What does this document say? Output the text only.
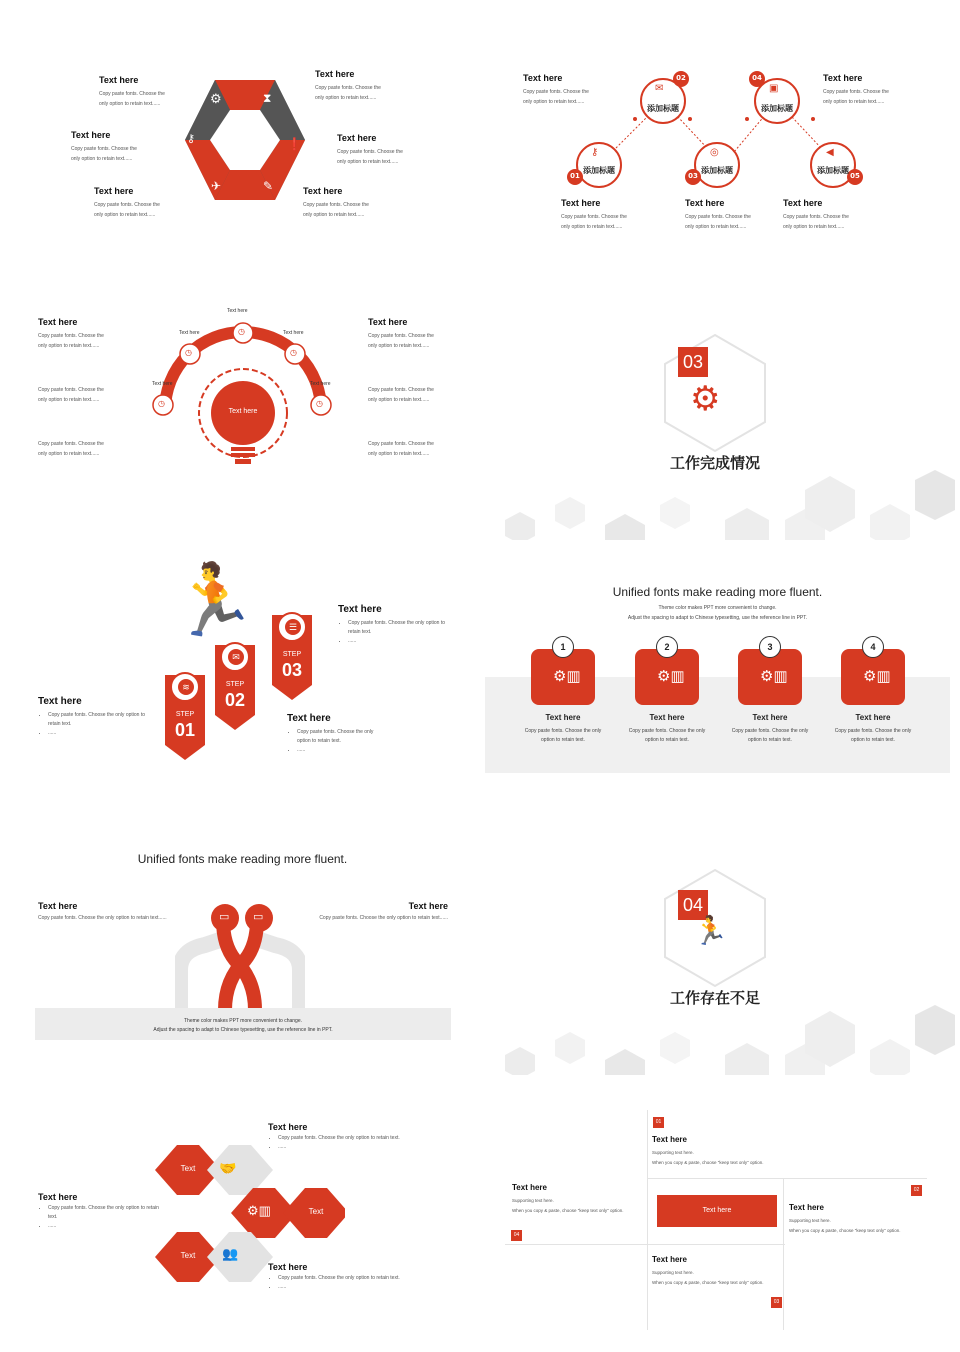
⚙	⧗
⚷	❗
✈	✎
Text here
Copy paste fonts. Choose the
only option to retain text......
Text here
Copy paste fonts. Choose the
only option to retain text......
Text here
Copy paste fonts. Choose the
only option to retain text......
Text here
Copy paste fonts. Choose the
only option to retain text......
Text here
Copy paste fonts. Choose the
only option to retain text......
Text here
Copy paste fonts. Choose the
only option to retain text......
01
02
03
04
05
⚷
✉
◎
▣
◀
添加标题
添加标题
添加标题
添加标题
添加标题
Text here
Copy paste fonts. Choose the
only option to retain text......
Text here
Copy paste fonts. Choose the
only option to retain text......
Text here
Copy paste fonts. Choose the
only option to retain text......
Text here
Copy paste fonts. Choose the
only option to retain text......
Text here
Copy paste fonts. Choose the
only option to retain text......
◷
◷	◷
◷	◷
Text here
Text here	Text here
Text here	Text here
Text here
Text here
Copy paste fonts. Choose the
only option to retain text......
Copy paste fonts. Choose the
only option to retain text......
Copy paste fonts. Choose the
only option to retain text......
Text here
Copy paste fonts. Choose the
only option to retain text......
Copy paste fonts. Choose the
only option to retain text......
Copy paste fonts. Choose the
only option to retain text......
03
⚙
工作完成情况
🏃
≋
✉
☰
STEP
01
STEP
02
STEP
03
Text here
• Copy paste fonts. Choose the only option to retain text.
• ......
Text here
• Copy paste fonts. Choose the only option to retain text.
• ......
Text here
• Copy paste fonts. Choose the only option to retain text.
• ......
Unified fonts make reading more fluent.
Theme color makes PPT more convenient to change.
Adjust the spacing to adapt to Chinese typesetting, use the reference line in PPT.
1
⚙▥
Text here
Copy paste fonts. Choose the only
option to retain text.
2
⚙▥
Text here
Copy paste fonts. Choose the only
option to retain text.
3
⚙▥
Text here
Copy paste fonts. Choose the only
option to retain text.
4
⚙▥
Text here
Copy paste fonts. Choose the only
option to retain text.
Unified fonts make reading more fluent.
Text here
Copy paste fonts. Choose the only option to retain text......
Text here
Copy paste fonts. Choose the only option to retain text......
▭ ▭
Theme color makes PPT more convenient to change.
Adjust the spacing to adapt to Chinese typesetting, use the reference line in PPT.
04
🏃
工作存在不足
Text
Text
Text
🤝
⚙▥
👥
Text here
• Copy paste fonts. Choose the only option to retain text.
• ......
Text here
• Copy paste fonts. Choose the only option to retain text.
• ......
Text here
• Copy paste fonts. Choose the only option to retain text.
• ......
Text here
01
Text here
Supporting text here.
When you copy & paste, choose "keep text only" option.
02
Text here
Supporting text here.
When you copy & paste, choose "keep text only" option.
03
Text here
Supporting text here.
When you copy & paste, choose "keep text only" option.
04
Text here
Supporting text here.
When you copy & paste, choose "keep text only" option.
